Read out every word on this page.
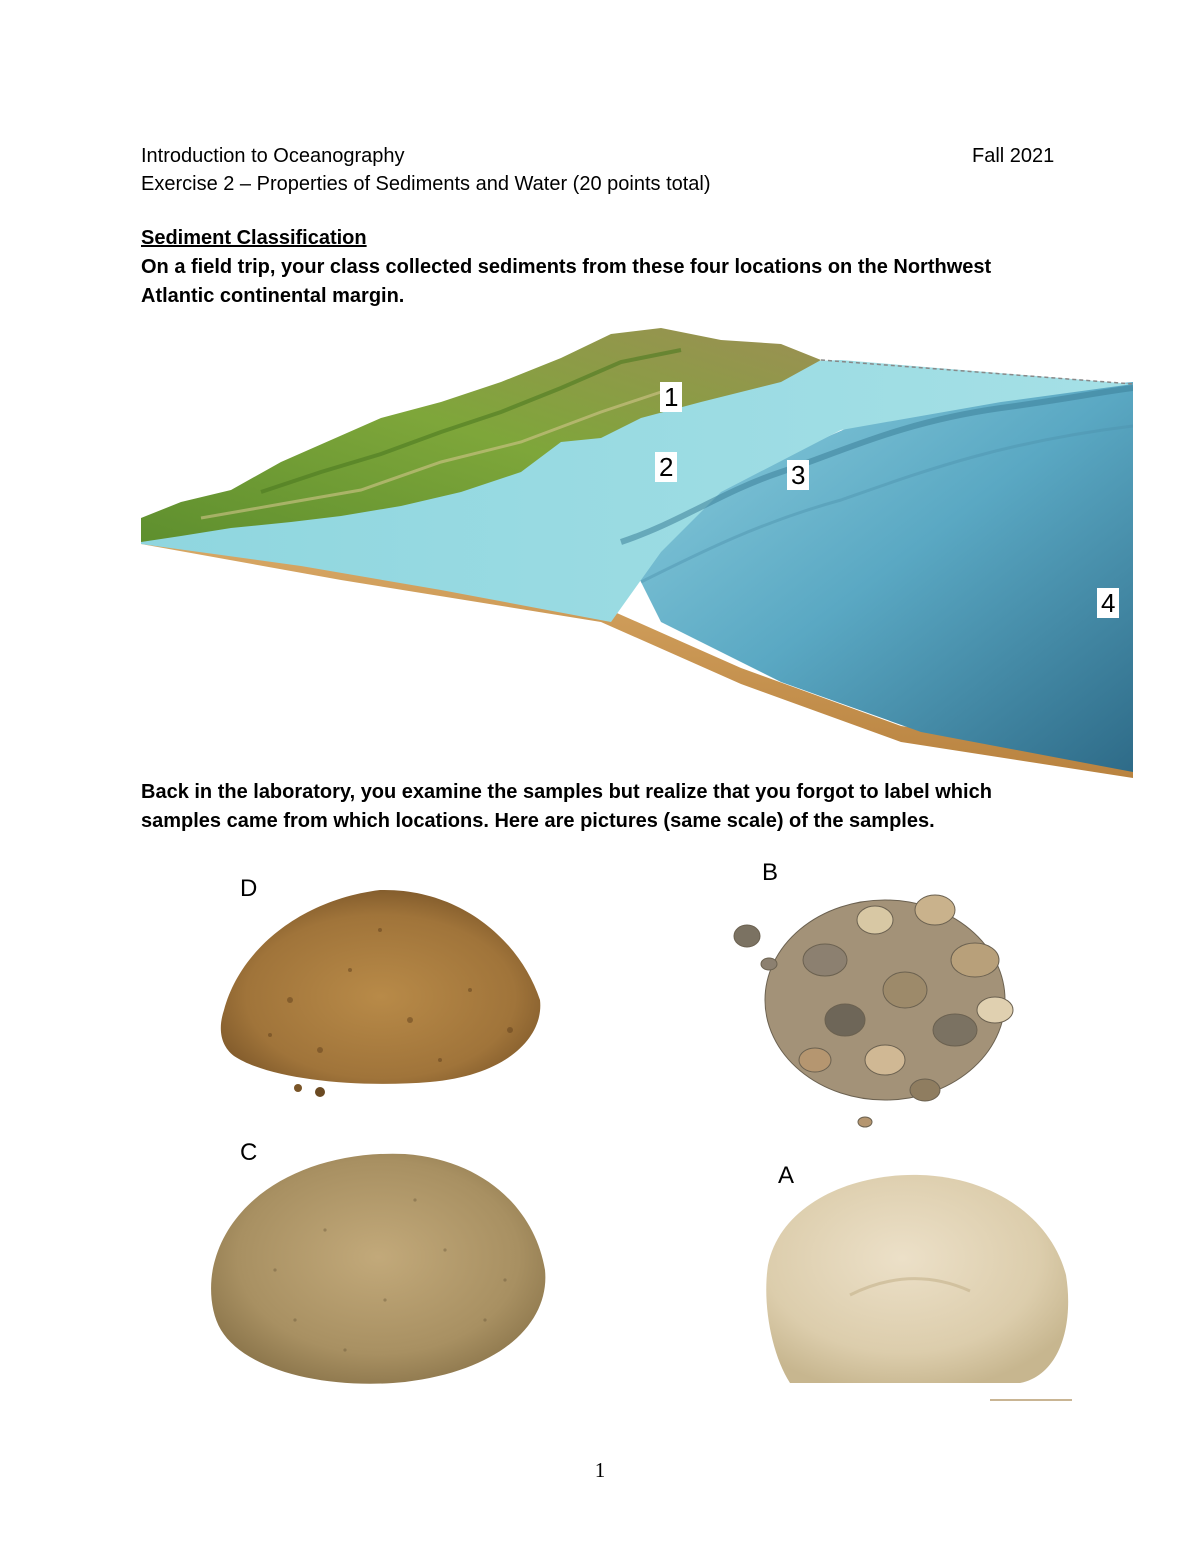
Introduction to Oceanography	Fall 2021
Exercise 2 – Properties of Sediments and Water (20 points total)
Sediment Classification
On a field trip, your class collected sediments from these four locations on the Northwest
Atlantic continental margin.
1
2	3
4
Back in the laboratory, you examine the samples but realize that you forgot to label which
samples came from which locations. Here are pictures (same scale) of the samples.
D
B
C
A
1
